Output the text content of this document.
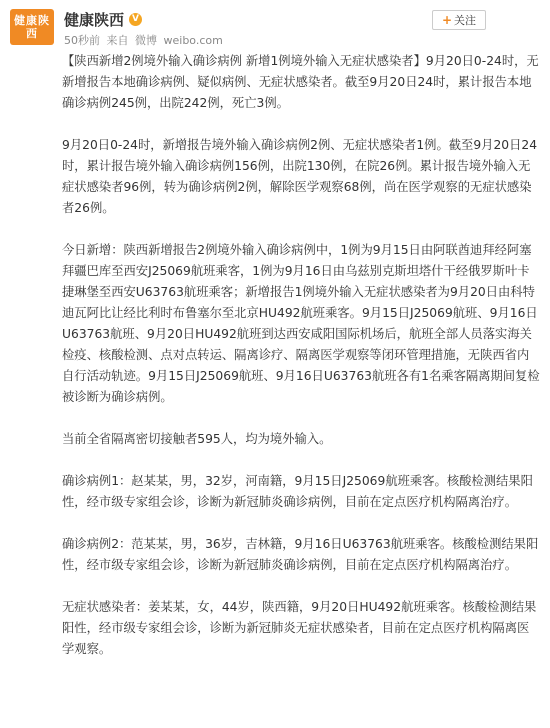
健康陕西
健康陕西 V
50秒前 来自 微博 weibo.com
+ 关注

【陕西新增2例境外输入确诊病例 新增1例境外输入无症状感染者】9月20日0-24时，无新增报告本地确诊病例、疑似病例、无症状感染者。截至9月20日24时，累计报告本地确诊病例245例，出院242例，死亡3例。

9月20日0-24时，新增报告境外输入确诊病例2例、无症状感染者1例。截至9月20日24时，累计报告境外输入确诊病例156例，出院130例，在院26例。累计报告境外输入无症状感染者96例，转为确诊病例2例，解除医学观察68例，尚在医学观察的无症状感染者26例。

今日新增：陕西新增报告2例境外输入确诊病例中，1例为9月15日由阿联酋迪拜经阿塞拜疆巴库至西安J25069航班乘客，1例为9月16日由乌兹别克斯坦塔什干经俄罗斯叶卡捷琳堡至西安U63763航班乘客；新增报告1例境外输入无症状感染者为9月20日由科特迪瓦阿比让经比利时布鲁塞尔至北京HU492航班乘客。9月15日J25069航班、9月16日U63763航班、9月20日HU492航班到达西安咸阳国际机场后，航班全部人员落实海关检疫、核酸检测、点对点转运、隔离诊疗、隔离医学观察等闭环管理措施，无陕西省内自行活动轨迹。9月15日J25069航班、9月16日U63763航班各有1名乘客隔离期间复检被诊断为确诊病例。

当前全省隔离密切接触者595人，均为境外输入。

确诊病例1：赵某某，男，32岁，河南籍，9月15日J25069航班乘客。核酸检测结果阳性，经市级专家组会诊，诊断为新冠肺炎确诊病例，目前在定点医疗机构隔离治疗。

确诊病例2：范某某，男，36岁，吉林籍，9月16日U63763航班乘客。核酸检测结果阳性，经市级专家组会诊，诊断为新冠肺炎确诊病例，目前在定点医疗机构隔离治疗。

无症状感染者：姜某某，女，44岁，陕西籍，9月20日HU492航班乘客。核酸检测结果阳性，经市级专家组会诊，诊断为新冠肺炎无症状感染者，目前在定点医疗机构隔离医学观察。
